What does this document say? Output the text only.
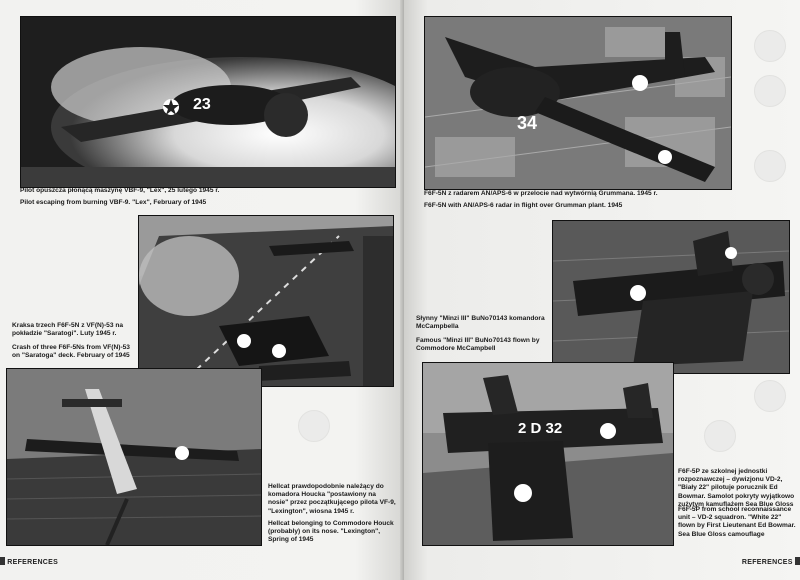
23

Pilot opuszcza płonącą maszynę VBF-9, "Lex", 25 lutego 1945 r.

Pilot escaping from burning VBF-9. "Lex", February of 1945

Kraksa trzech F6F-5N z VF(N)-53 na pokładzie "Saratogi". Luty 1945 r.

Crash of three F6F-5Ns from VF(N)-53 on "Saratoga" deck. February of 1945

Hellcat prawdopodobnie należący do komadora Houcka "postawiony na nosie" przez początkującego pilota VF-9, "Lexington", wiosna 1945 r.

Hellcat belonging to Commodore Houck (probably) on its nose. "Lexington", Spring of 1945

REFERENCES
34

F6F-5N z radarem AN/APS-6 w przelocie nad wytwórnią Grummana. 1945 r.

F6F-5N with AN/APS-6 radar in flight over Grumman plant. 1945

Słynny "Minzi III" BuNo70143 komandora McCampbella

Famous "Minzi III" BuNo70143 flown by Commodore McCampbell

2 D 32

F6F-5P ze szkolnej jednostki rozpoznawczej – dywizjonu VD-2, "Biały 22" pilotuje porucznik Ed Bowmar. Samolot pokryty wyjątkowo zużytym kamuflażem Sea Blue Gloss

F6F-5P from school reconnaissance unit – VD-2 squadron. "White 22" flown by First Lieutenant Ed Bowmar. Sea Blue Gloss camouflage

REFERENCES
